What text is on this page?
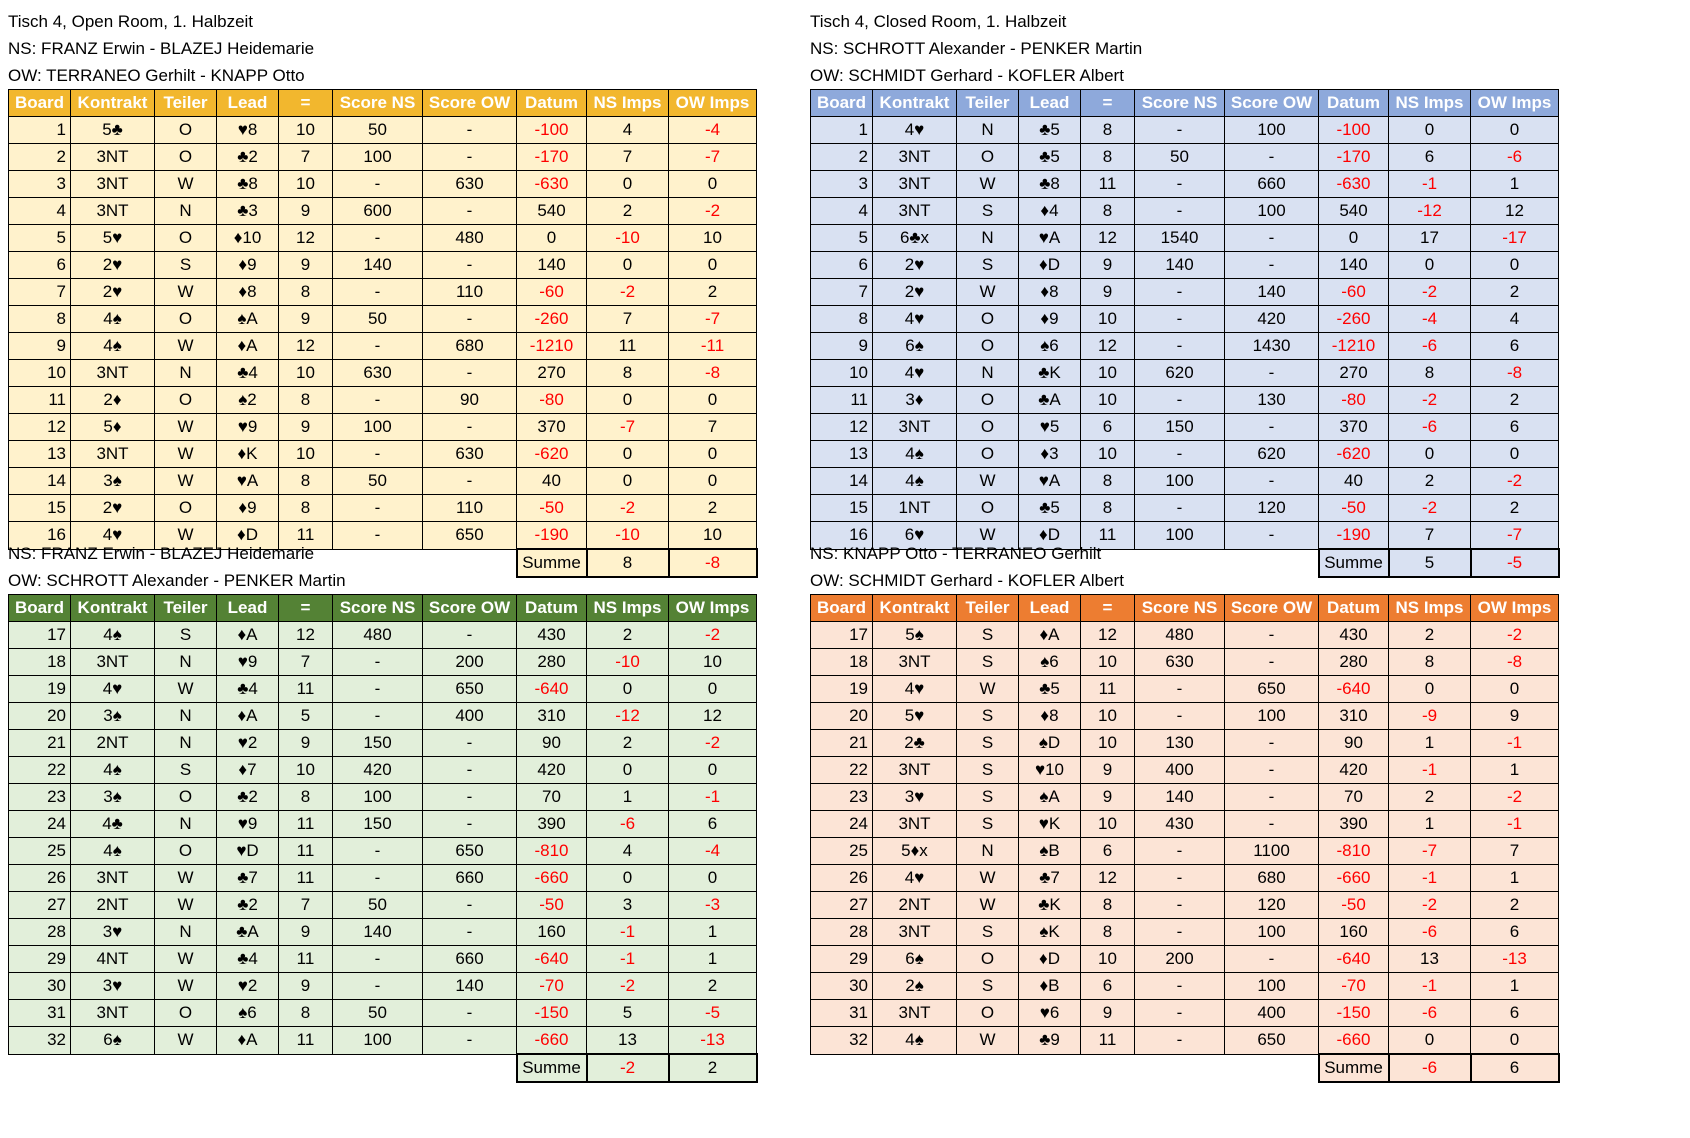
Tisch 4, Open Room, 1. Halbzeit
NS: FRANZ Erwin - BLAZEJ Heidemarie
OW: TERRANEO Gerhilt - KNAPP Otto
Board	Kontrakt	Teiler	Lead	=	Score NS	Score OW	Datum	NS Imps	OW Imps
1	5♣	O	♥8	10	50	-	-100	4	-4
2	3NT	O	♣2	7	100	-	-170	7	-7
3	3NT	W	♣8	10	-	630	-630	0	0
4	3NT	N	♣3	9	600	-	540	2	-2
5	5♥	O	♦10	12	-	480	0	-10	10
6	2♥	S	♦9	9	140	-	140	0	0
7	2♥	W	♦8	8	-	110	-60	-2	2
8	4♠	O	♠A	9	50	-	-260	7	-7
9	4♠	W	♦A	12	-	680	-1210	11	-11
10	3NT	N	♣4	10	630	-	270	8	-8
11	2♦	O	♠2	8	-	90	-80	0	0
12	5♦	W	♥9	9	100	-	370	-7	7
13	3NT	W	♦K	10	-	630	-620	0	0
14	3♠	W	♥A	8	50	-	40	0	0
15	2♥	O	♦9	8	-	110	-50	-2	2
16	4♥	W	♦D	11	-	650	-190	-10	10
							Summe	8	-8
Tisch 4, Closed Room, 1. Halbzeit
NS: SCHROTT Alexander - PENKER Martin
OW: SCHMIDT Gerhard - KOFLER Albert
Board	Kontrakt	Teiler	Lead	=	Score NS	Score OW	Datum	NS Imps	OW Imps
1	4♥	N	♣5	8	-	100	-100	0	0
2	3NT	O	♣5	8	50	-	-170	6	-6
3	3NT	W	♣8	11	-	660	-630	-1	1
4	3NT	S	♦4	8	-	100	540	-12	12
5	6♣x	N	♥A	12	1540	-	0	17	-17
6	2♥	S	♦D	9	140	-	140	0	0
7	2♥	W	♦8	9	-	140	-60	-2	2
8	4♥	O	♦9	10	-	420	-260	-4	4
9	6♠	O	♠6	12	-	1430	-1210	-6	6
10	4♥	N	♣K	10	620	-	270	8	-8
11	3♦	O	♣A	10	-	130	-80	-2	2
12	3NT	O	♥5	6	150	-	370	-6	6
13	4♠	O	♦3	10	-	620	-620	0	0
14	4♠	W	♥A	8	100	-	40	2	-2
15	1NT	O	♣5	8	-	120	-50	-2	2
16	6♥	W	♦D	11	100	-	-190	7	-7
							Summe	5	-5
NS: FRANZ Erwin - BLAZEJ Heidemarie
OW: SCHROTT Alexander - PENKER Martin
Board	Kontrakt	Teiler	Lead	=	Score NS	Score OW	Datum	NS Imps	OW Imps
17	4♠	S	♦A	12	480	-	430	2	-2
18	3NT	N	♥9	7	-	200	280	-10	10
19	4♥	W	♣4	11	-	650	-640	0	0
20	3♠	N	♦A	5	-	400	310	-12	12
21	2NT	N	♥2	9	150	-	90	2	-2
22	4♠	S	♦7	10	420	-	420	0	0
23	3♠	O	♣2	8	100	-	70	1	-1
24	4♣	N	♥9	11	150	-	390	-6	6
25	4♠	O	♥D	11	-	650	-810	4	-4
26	3NT	W	♣7	11	-	660	-660	0	0
27	2NT	W	♣2	7	50	-	-50	3	-3
28	3♥	N	♣A	9	140	-	160	-1	1
29	4NT	W	♣4	11	-	660	-640	-1	1
30	3♥	W	♥2	9	-	140	-70	-2	2
31	3NT	O	♠6	8	50	-	-150	5	-5
32	6♠	W	♦A	11	100	-	-660	13	-13
							Summe	-2	2
NS: KNAPP Otto - TERRANEO Gerhilt
OW: SCHMIDT Gerhard - KOFLER Albert
Board	Kontrakt	Teiler	Lead	=	Score NS	Score OW	Datum	NS Imps	OW Imps
17	5♠	S	♦A	12	480	-	430	2	-2
18	3NT	S	♠6	10	630	-	280	8	-8
19	4♥	W	♣5	11	-	650	-640	0	0
20	5♥	S	♦8	10	-	100	310	-9	9
21	2♣	S	♠D	10	130	-	90	1	-1
22	3NT	S	♥10	9	400	-	420	-1	1
23	3♥	S	♠A	9	140	-	70	2	-2
24	3NT	S	♥K	10	430	-	390	1	-1
25	5♦x	N	♠B	6	-	1100	-810	-7	7
26	4♥	W	♣7	12	-	680	-660	-1	1
27	2NT	W	♣K	8	-	120	-50	-2	2
28	3NT	S	♠K	8	-	100	160	-6	6
29	6♠	O	♦D	10	200	-	-640	13	-13
30	2♠	S	♦B	6	-	100	-70	-1	1
31	3NT	O	♥6	9	-	400	-150	-6	6
32	4♠	W	♣9	11	-	650	-660	0	0
							Summe	-6	6
